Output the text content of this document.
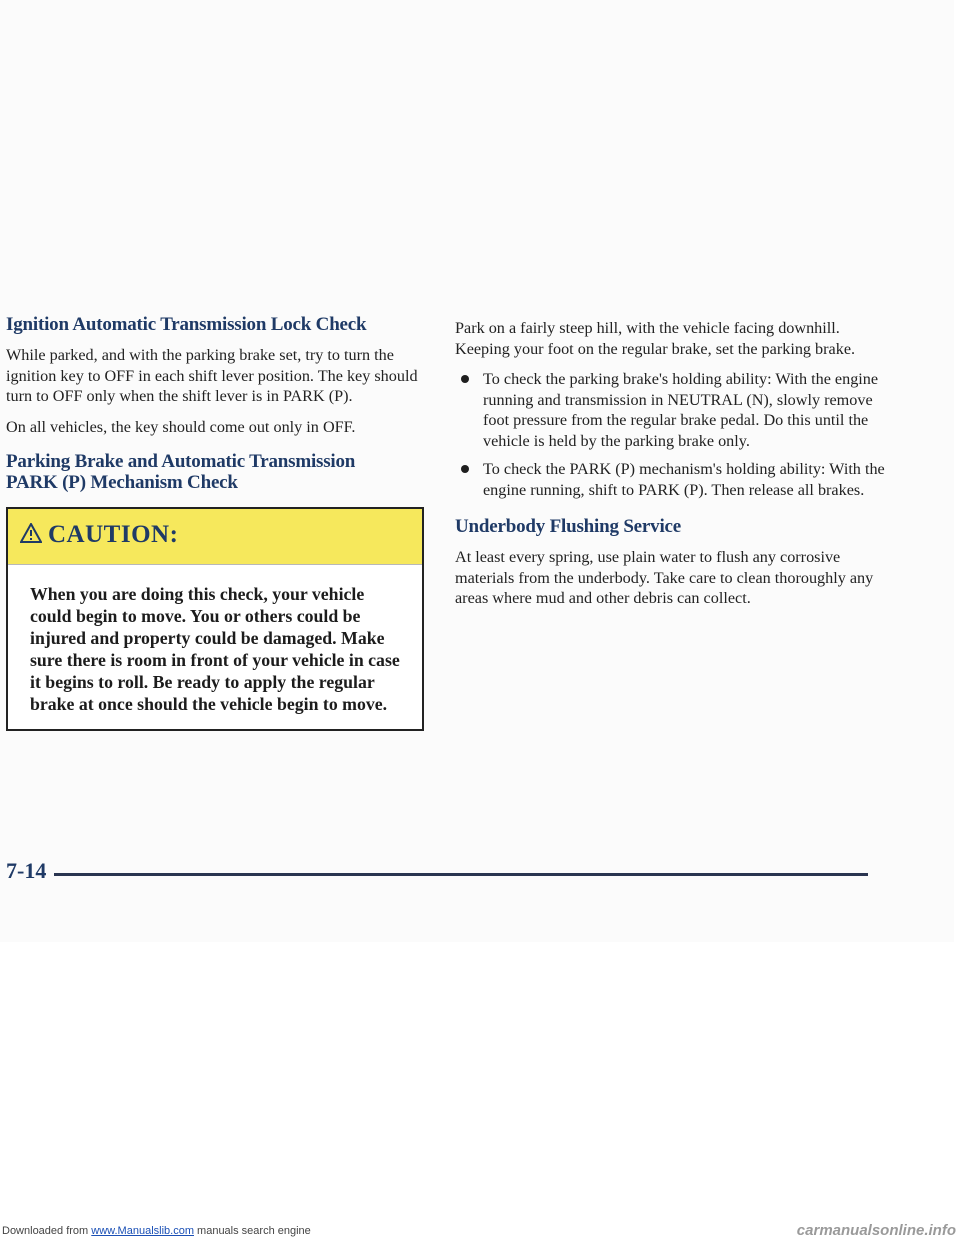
Ignition Automatic Transmission Lock Check

While parked, and with the parking brake set, try to turn the ignition key to OFF in each shift lever position. The key should turn to OFF only when the shift lever is in PARK (P).

On all vehicles, the key should come out only in OFF.

Parking Brake and Automatic Transmission
PARK (P) Mechanism Check
CAUTION:
When you are doing this check, your vehicle could begin to move. You or others could be injured and property could be damaged. Make sure there is room in front of your vehicle in case it begins to roll. Be ready to apply the regular brake at once should the vehicle begin to move.

Park on a fairly steep hill, with the vehicle facing downhill. Keeping your foot on the regular brake, set the parking brake.

To check the parking brake's holding ability: With the engine running and transmission in NEUTRAL (N), slowly remove foot pressure from the regular brake pedal. Do this until the vehicle is held by the parking brake only.

To check the PARK (P) mechanism's holding ability: With the engine running, shift to PARK (P). Then release all brakes.

Underbody Flushing Service

At least every spring, use plain water to flush any corrosive materials from the underbody. Take care to clean thoroughly any areas where mud and other debris can collect.

7-14
Downloaded from www.Manualslib.com manuals search engine	carmanualsonline.info
